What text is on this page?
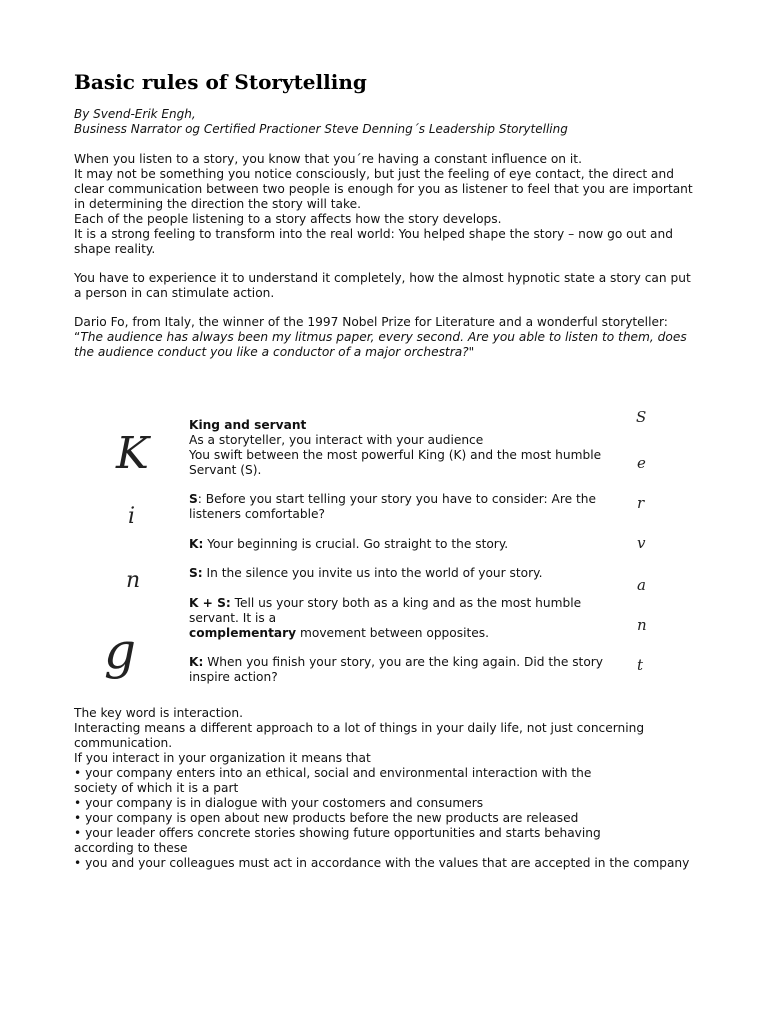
Basic rules of Storytelling
By Svend-Erik Engh,
Business Narrator og Certified Practioner Steve Denning´s Leadership Storytelling

When you listen to a story, you know that you´re having a constant influence on it.

It may not be something you notice consciously, but just the feeling of eye contact, the direct and clear communication between two people is enough for you as listener to feel that you are important in determining the direction the story will take.

Each of the people listening to a story affects how the story develops.

It is a strong feeling to transform into the real world: You helped shape the story – now go out and shape reality.

You have to experience it to understand it completely, how the almost hypnotic state a story can put a person in can stimulate action.

Dario Fo, from Italy, the winner of the 1997 Nobel Prize for Literature and a wonderful storyteller: “The audience has always been my litmus paper, every second. Are you able to listen to them, does the audience conduct you like a conductor of a major orchestra?"

K
i
n
g
S
e
r
v
a
n
t

King and servant

As a storyteller, you interact with your audience

You swift between the most powerful King (K) and the most humble Servant (S).

S: Before you start telling your story you have to consider: Are the listeners comfortable?

K: Your beginning is crucial. Go straight to the story.

S: In the silence you invite us into the world of your story.

K + S: Tell us your story both as a king and as the most humble servant. It is a

complementary movement between opposites.

K: When you finish your story, you are the king again. Did the story inspire action?

The key word is interaction.

Interacting means a different approach to a lot of things in your daily life, not just concerning communication.

If you interact in your organization it means that

• your company enters into an ethical, social and environmental interaction with the society of which it is a part

• your company is in dialogue with your costomers and consumers

• your company is open about new products before the new products are released

• your leader offers concrete stories showing future opportunities and starts behaving according to these

• you and your colleagues must act in accordance with the values that are accepted in the company
